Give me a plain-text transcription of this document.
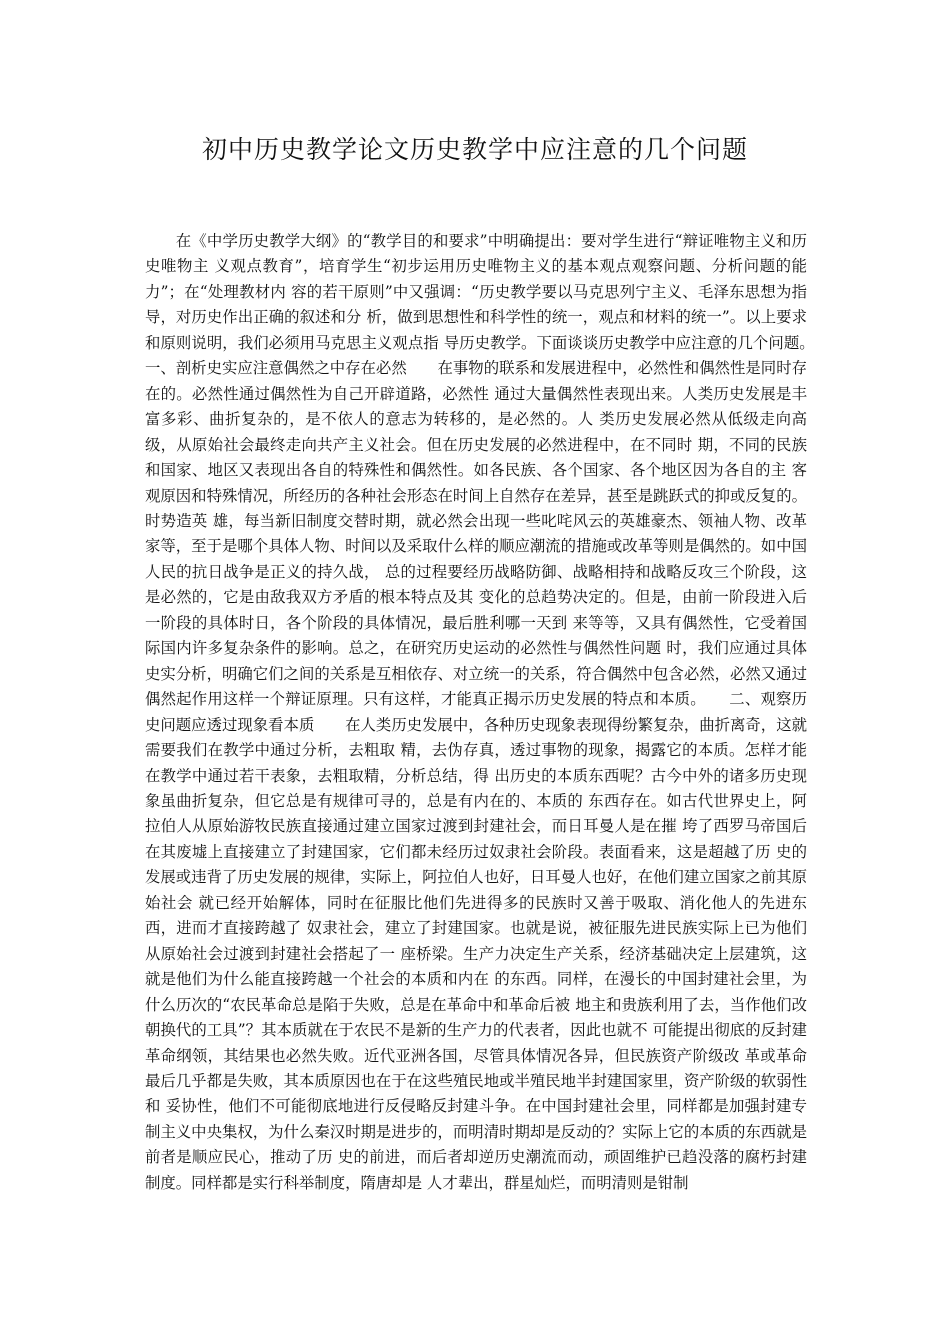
初中历史教学论文历史教学中应注意的几个问题

在《中学历史教学大纲》的“教学目的和要求”中明确提出：要对学生进行“辩证唯物主义和历史唯物主 义观点教育”，培育学生“初步运用历史唯物主义的基本观点观察问题、分析问题的能力”；在“处理教材内 容的若干原则”中又强调：“历史教学要以马克思列宁主义、毛泽东思想为指导，对历史作出正确的叙述和分 析，做到思想性和科学性的统一，观点和材料的统一”。以上要求和原则说明，我们必须用马克思主义观点指 导历史教学。下面谈谈历史教学中应注意的几个问题。　　一、剖析史实应注意偶然之中存在必然　　在事物的联系和发展进程中，必然性和偶然性是同时存在的。必然性通过偶然性为自己开辟道路，必然性 通过大量偶然性表现出来。人类历史发展是丰富多彩、曲折复杂的，是不依人的意志为转移的，是必然的。人 类历史发展必然从低级走向高级，从原始社会最终走向共产主义社会。但在历史发展的必然进程中，在不同时 期，不同的民族和国家、地区又表现出各自的特殊性和偶然性。如各民族、各个国家、各个地区因为各自的主 客观原因和特殊情况，所经历的各种社会形态在时间上自然存在差异，甚至是跳跃式的抑或反复的。时势造英 雄，每当新旧制度交替时期，就必然会出现一些叱咤风云的英雄豪杰、领袖人物、改革家等，至于是哪个具体人物、时间以及采取什么样的顺应潮流的措施或改革等则是偶然的。如中国人民的抗日战争是正义的持久战， 总的过程要经历战略防御、战略相持和战略反攻三个阶段，这是必然的，它是由敌我双方矛盾的根本特点及其 变化的总趋势决定的。但是，由前一阶段进入后一阶段的具体时日，各个阶段的具体情况，最后胜利哪一天到 来等等，又具有偶然性，它受着国际国内许多复杂条件的影响。总之，在研究历史运动的必然性与偶然性问题 时，我们应通过具体史实分析，明确它们之间的关系是互相依存、对立统一的关系，符合偶然中包含必然，必然又通过偶然起作用这样一个辩证原理。只有这样，才能真正揭示历史发展的特点和本质。　　二、观察历史问题应透过现象看本质　　在人类历史发展中，各种历史现象表现得纷繁复杂，曲折离奇，这就需要我们在教学中通过分析，去粗取 精，去伪存真，透过事物的现象，揭露它的本质。怎样才能在教学中通过若干表象，去粗取精，分析总结，得 出历史的本质东西呢？古今中外的诸多历史现象虽曲折复杂，但它总是有规律可寻的，总是有内在的、本质的 东西存在。如古代世界史上，阿拉伯人从原始游牧民族直接通过建立国家过渡到封建社会，而日耳曼人是在摧 垮了西罗马帝国后在其废墟上直接建立了封建国家，它们都未经历过奴隶社会阶段。表面看来，这是超越了历 史的发展或违背了历史发展的规律，实际上，阿拉伯人也好，日耳曼人也好，在他们建立国家之前其原始社会 就已经开始解体，同时在征服比他们先进得多的民族时又善于吸取、消化他人的先进东西，进而才直接跨越了 奴隶社会，建立了封建国家。也就是说，被征服先进民族实际上已为他们从原始社会过渡到封建社会搭起了一 座桥梁。生产力决定生产关系，经济基础决定上层建筑，这就是他们为什么能直接跨越一个社会的本质和内在 的东西。同样，在漫长的中国封建社会里，为什么历次的“农民革命总是陷于失败，总是在革命中和革命后被 地主和贵族利用了去，当作他们改朝换代的工具”？其本质就在于农民不是新的生产力的代表者，因此也就不 可能提出彻底的反封建革命纲领，其结果也必然失败。近代亚洲各国，尽管具体情况各异，但民族资产阶级改 革或革命最后几乎都是失败，其本质原因也在于在这些殖民地或半殖民地半封建国家里，资产阶级的软弱性和 妥协性，他们不可能彻底地进行反侵略反封建斗争。在中国封建社会里，同样都是加强封建专制主义中央集权，为什么秦汉时期是进步的，而明清时期却是反动的？实际上它的本质的东西就是前者是顺应民心，推动了历 史的前进，而后者却逆历史潮流而动，顽固维护已趋没落的腐朽封建制度。同样都是实行科举制度，隋唐却是 人才辈出，群星灿烂，而明清则是钳制
